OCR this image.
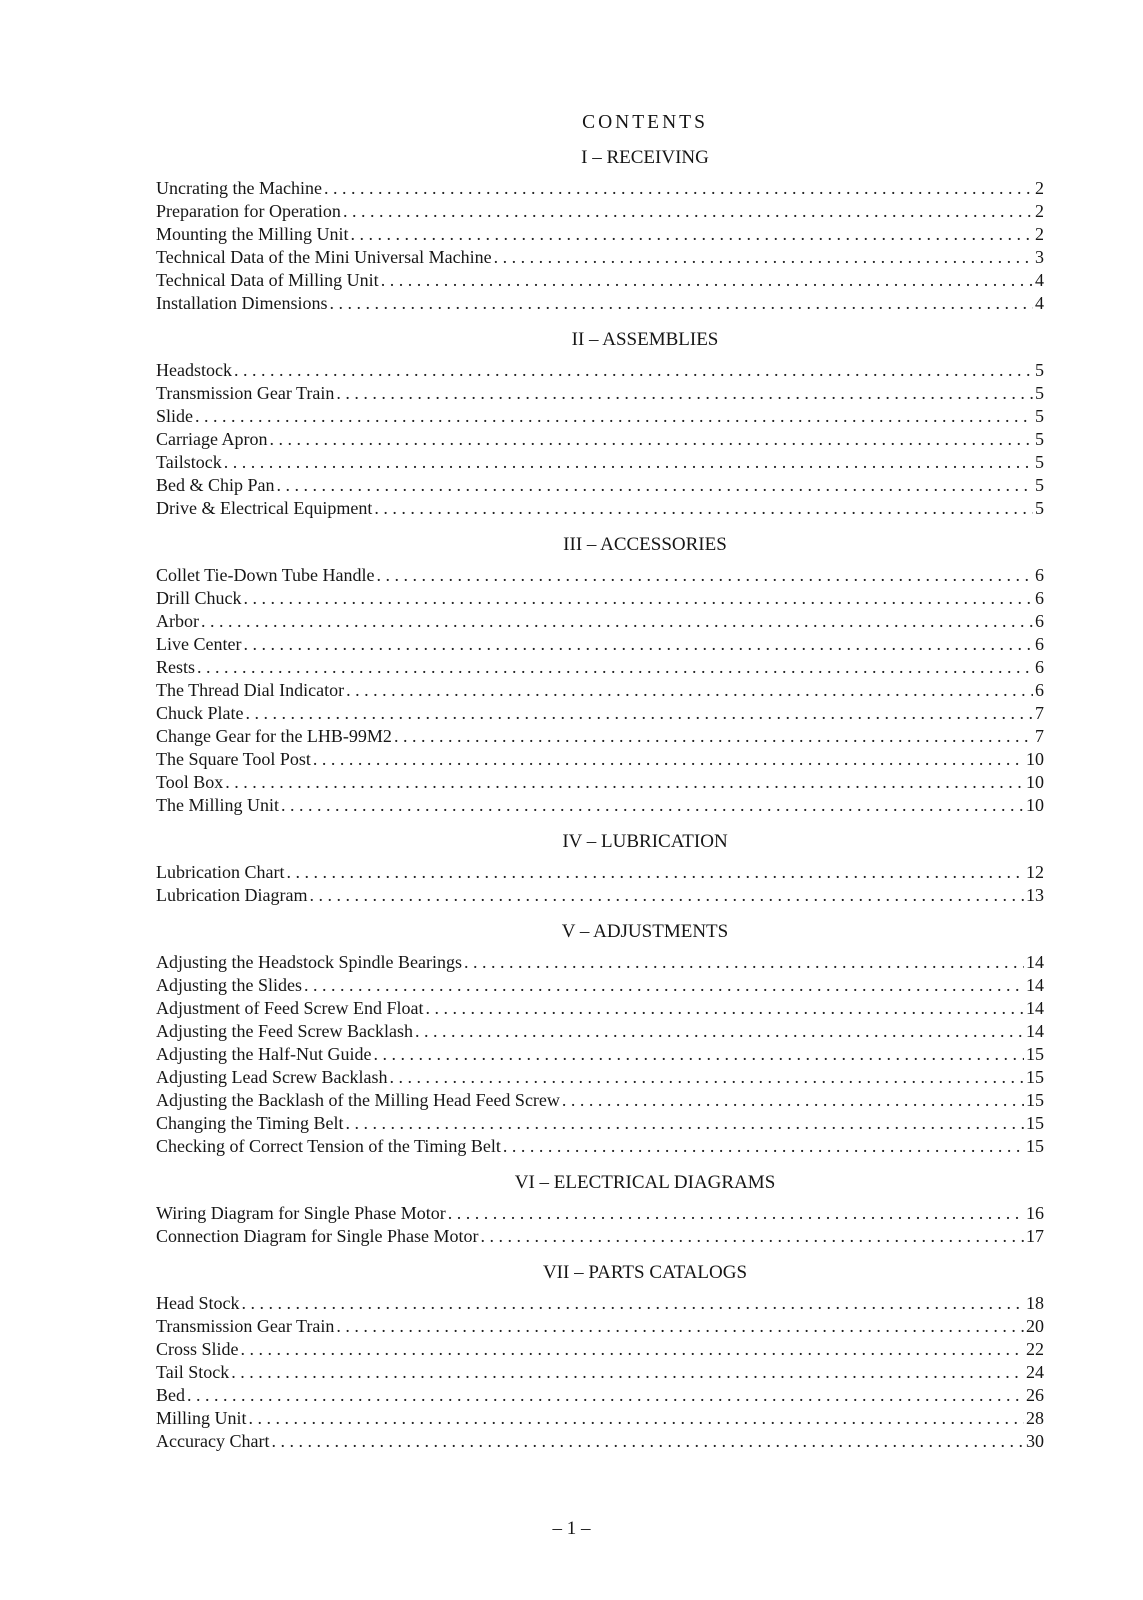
CONTENTS
I – RECEIVING
Uncrating the Machine . . .	2
Preparation for Operation . . .	2
Mounting the Milling Unit . . .	2
Technical Data of the Mini Universal Machine . . .	3
Technical Data of Milling Unit . . .	4
Installation Dimensions . . .	4
II – ASSEMBLIES
Headstock . . .	5
Transmission Gear Train . . .	5
Slide . . .	5
Carriage Apron . . .	5
Tailstock . . .	5
Bed & Chip Pan . . .	5
Drive & Electrical Equipment . . .	5
III – ACCESSORIES
Collet Tie-Down Tube Handle . . .	6
Drill Chuck . . .	6
Arbor . . .	6
Live Center . . .	6
Rests . . .	6
The Thread Dial Indicator . . .	6
Chuck Plate . . .	7
Change Gear for the LHB-99M2 . . .	7
The Square Tool Post . . .	10
Tool Box . . .	10
The Milling Unit . . .	10
IV – LUBRICATION
Lubrication Chart . . .	12
Lubrication Diagram . . .	13
V – ADJUSTMENTS
Adjusting the Headstock Spindle Bearings . . .	14
Adjusting the Slides . . .	14
Adjustment of Feed Screw End Float . . .	14
Adjusting the Feed Screw Backlash . . .	14
Adjusting the Half-Nut Guide . . .	15
Adjusting Lead Screw Backlash . . .	15
Adjusting the Backlash of the Milling Head Feed Screw . . .	15
Changing the Timing Belt . . .	15
Checking of Correct Tension of the Timing Belt . . .	15
VI – ELECTRICAL DIAGRAMS
Wiring Diagram for Single Phase Motor . . .	16
Connection Diagram for Single Phase Motor . . .	17
VII – PARTS CATALOGS
Head Stock . . .	18
Transmission Gear Train . . .	20
Cross Slide . . .	22
Tail Stock . . .	24
Bed . . .	26
Milling Unit . . .	28
Accuracy Chart . . .	30
– 1 –
